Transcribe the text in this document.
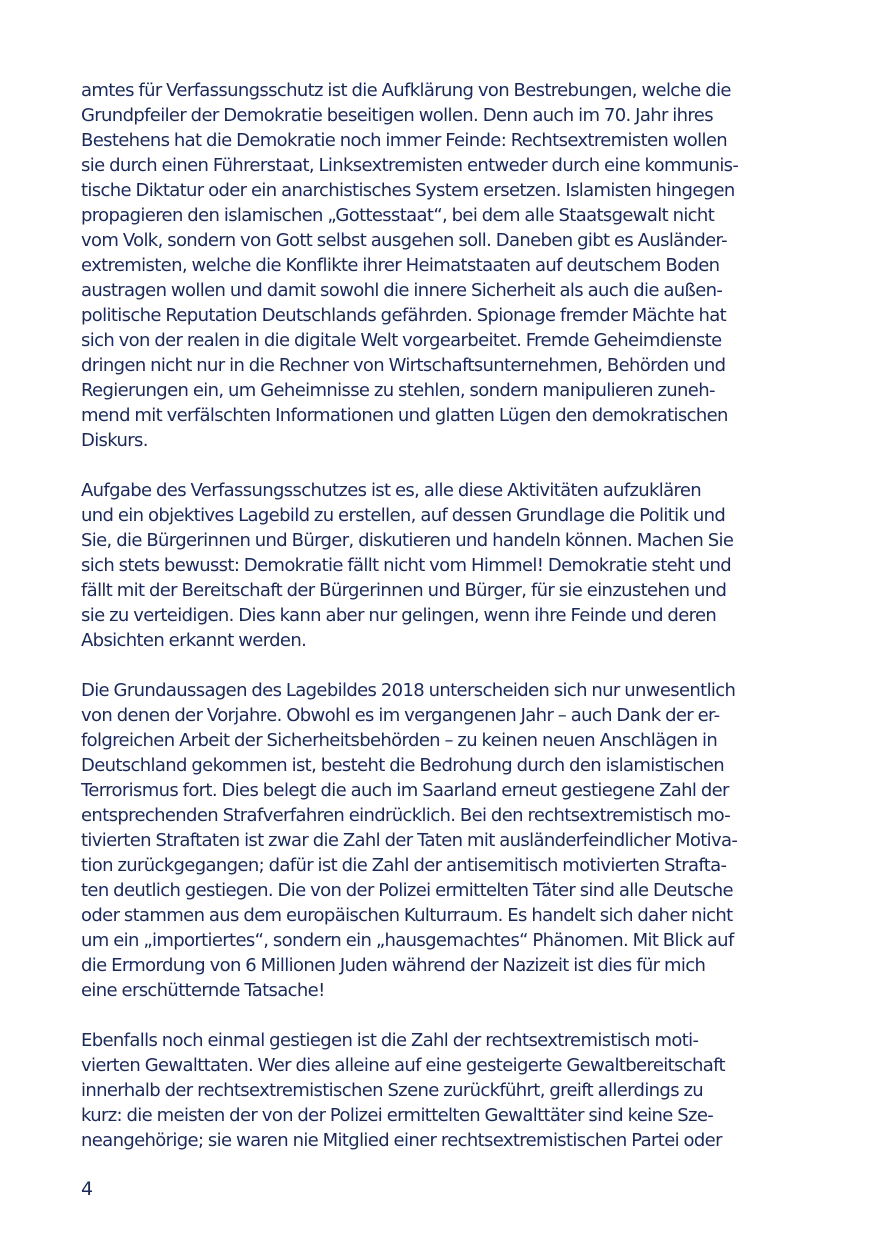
amtes für Verfassungsschutz ist die Aufklärung von Bestrebungen, welche die
Grundpfeiler der Demokratie beseitigen wollen. Denn auch im 70. Jahr ihres
Bestehens hat die Demokratie noch immer Feinde: Rechtsextremisten wollen
sie durch einen Führerstaat, Linksextremisten entweder durch eine kommunis-
tische Diktatur oder ein anarchistisches System ersetzen. Islamisten hingegen
propagieren den islamischen „Gottesstaat“, bei dem alle Staatsgewalt nicht
vom Volk, sondern von Gott selbst ausgehen soll. Daneben gibt es Ausländer-
extremisten, welche die Konflikte ihrer Heimatstaaten auf deutschem Boden
austragen wollen und damit sowohl die innere Sicherheit als auch die außen-
politische Reputation Deutschlands gefährden. Spionage fremder Mächte hat
sich von der realen in die digitale Welt vorgearbeitet. Fremde Geheimdienste
dringen nicht nur in die Rechner von Wirtschaftsunternehmen, Behörden und
Regierungen ein, um Geheimnisse zu stehlen, sondern manipulieren zuneh-
mend mit verfälschten Informationen und glatten Lügen den demokratischen
Diskurs.
Aufgabe des Verfassungsschutzes ist es, alle diese Aktivitäten aufzuklären
und ein objektives Lagebild zu erstellen, auf dessen Grundlage die Politik und
Sie, die Bürgerinnen und Bürger, diskutieren und handeln können. Machen Sie
sich stets bewusst: Demokratie fällt nicht vom Himmel! Demokratie steht und
fällt mit der Bereitschaft der Bürgerinnen und Bürger, für sie einzustehen und
sie zu verteidigen. Dies kann aber nur gelingen, wenn ihre Feinde und deren
Absichten erkannt werden.
Die Grundaussagen des Lagebildes 2018 unterscheiden sich nur unwesentlich
von denen der Vorjahre. Obwohl es im vergangenen Jahr – auch Dank der er-
folgreichen Arbeit der Sicherheitsbehörden – zu keinen neuen Anschlägen in
Deutschland gekommen ist, besteht die Bedrohung durch den islamistischen
Terrorismus fort. Dies belegt die auch im Saarland erneut gestiegene Zahl der
entsprechenden Strafverfahren eindrücklich. Bei den rechtsextremistisch mo-
tivierten Straftaten ist zwar die Zahl der Taten mit ausländerfeindlicher Motiva-
tion zurückgegangen; dafür ist die Zahl der antisemitisch motivierten Strafta-
ten deutlich gestiegen. Die von der Polizei ermittelten Täter sind alle Deutsche
oder stammen aus dem europäischen Kulturraum. Es handelt sich daher nicht
um ein „importiertes“, sondern ein „hausgemachtes“ Phänomen. Mit Blick auf
die Ermordung von 6 Millionen Juden während der Nazizeit ist dies für mich
eine erschütternde Tatsache!
Ebenfalls noch einmal gestiegen ist die Zahl der rechtsextremistisch moti-
vierten Gewalttaten. Wer dies alleine auf eine gesteigerte Gewaltbereitschaft
innerhalb der rechtsextremistischen Szene zurückführt, greift allerdings zu
kurz: die meisten der von der Polizei ermittelten Gewalttäter sind keine Sze-
neangehörige; sie waren nie Mitglied einer rechtsextremistischen Partei oder
4
